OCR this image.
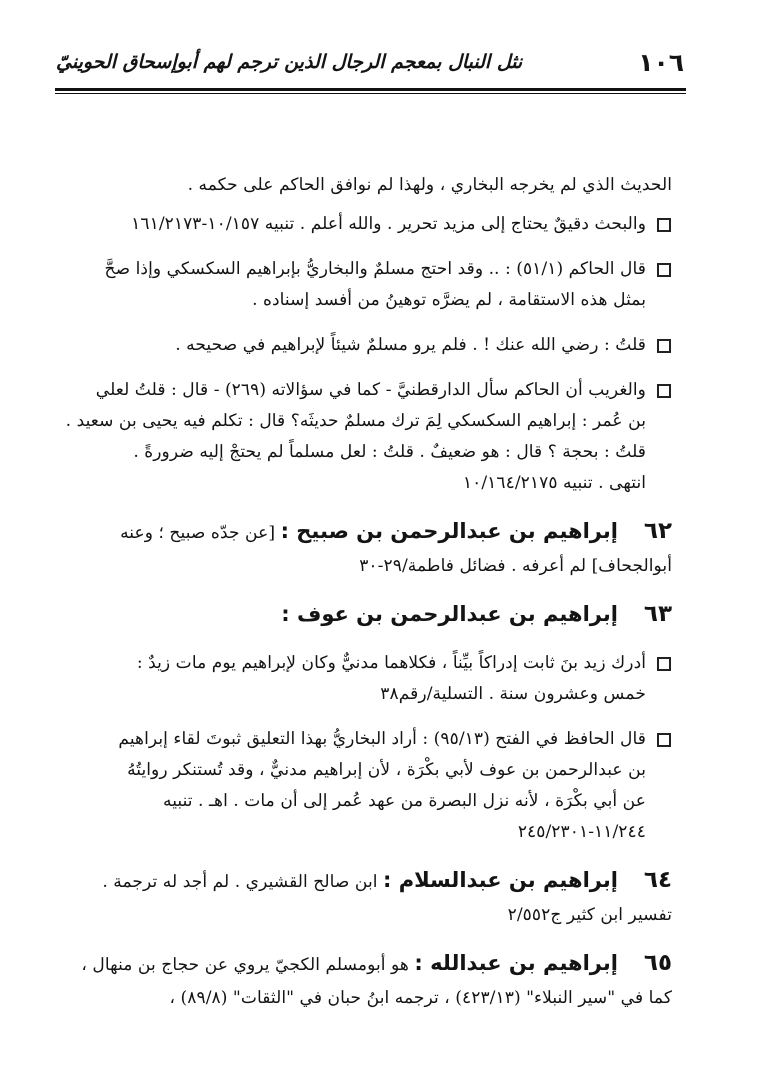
١٠٦
نثل النبال بمعجم الرجال الذين ترجم لهم أبوإسحاق الحوينيّ

الحديث الذي لم يخرجه البخاري ، ولهذا لم نوافق الحاكم على حكمه .

والبحث دقيقٌ يحتاج إلى مزيد تحرير . والله أعلم . تنبيه ١٠/١٥٧-١٦١/٢١٧٣
قال الحاكم (٥١/١) : .. وقد احتج مسلمٌ والبخاريُّ بإبراهيم السكسكي وإذا صحَّ
بمثل هذه الاستقامة ، لم يضرَّه توهينُ من أفسد إسناده .
قلتُ : رضي الله عنك ! . فلم يرو مسلمٌ شيئاً لإبراهيم في صحيحه .
والغريب أن الحاكم سأل الدارقطنيَّ - كما في سؤالاته (٢٦٩) - قال : قلتُ لعلي
بن عُمر : إبراهيم السكسكي لِمَ ترك مسلمٌ حديثَه؟ قال : تكلم فيه يحيى بن سعيد .
قلتُ : بحجة ؟ قال : هو ضعيفٌ . قلتُ : لعل مسلماً لم يحتجْ إليه ضرورةً .
انتهى . تنبيه ١٠/١٦٤/٢١٧٥
٦٢إبراهيم بن عبدالرحمن بن صبيح : [عن جدّه صبيح ؛ وعنه
أبوالجحاف] لم أعرفه . فضائل فاطمة/٢٩-٣٠
٦٣إبراهيم بن عبدالرحمن بن عوف :
أدرك زيد بنَ ثابت إدراكاً بيِّناً ، فكلاهما مدنيٌّ وكان لإبراهيم يوم مات زيدٌ :
خمس وعشرون سنة . التسلية/رقم٣٨
قال الحافظ في الفتح (٩٥/١٣) : أراد البخاريُّ بهذا التعليق ثبوتَ لقاء إبراهيم
بن عبدالرحمن بن عوف لأبي بكْرَة ، لأن إبراهيم مدنيٌّ ، وقد تُستنكر روايتُهُ
عن أبي بكْرَة ، لأنه نزل البصرة من عهد عُمر إلى أن مات . اهـ . تنبيه
١١/٢٤٤-٢٤٥/٢٣٠١
٦٤إبراهيم بن عبدالسلام : ابن صالح القشيري . لم أجد له ترجمة .
تفسير ابن كثير ج٢/٥٥٢
٦٥إبراهيم بن عبدالله : هو أبومسلم الكجيّ يروي عن حجاج بن منهال ،
كما في "سير النبلاء" (٤٢٣/١٣) ، ترجمه ابنُ حبان في "الثقات" (٨٩/٨) ،
